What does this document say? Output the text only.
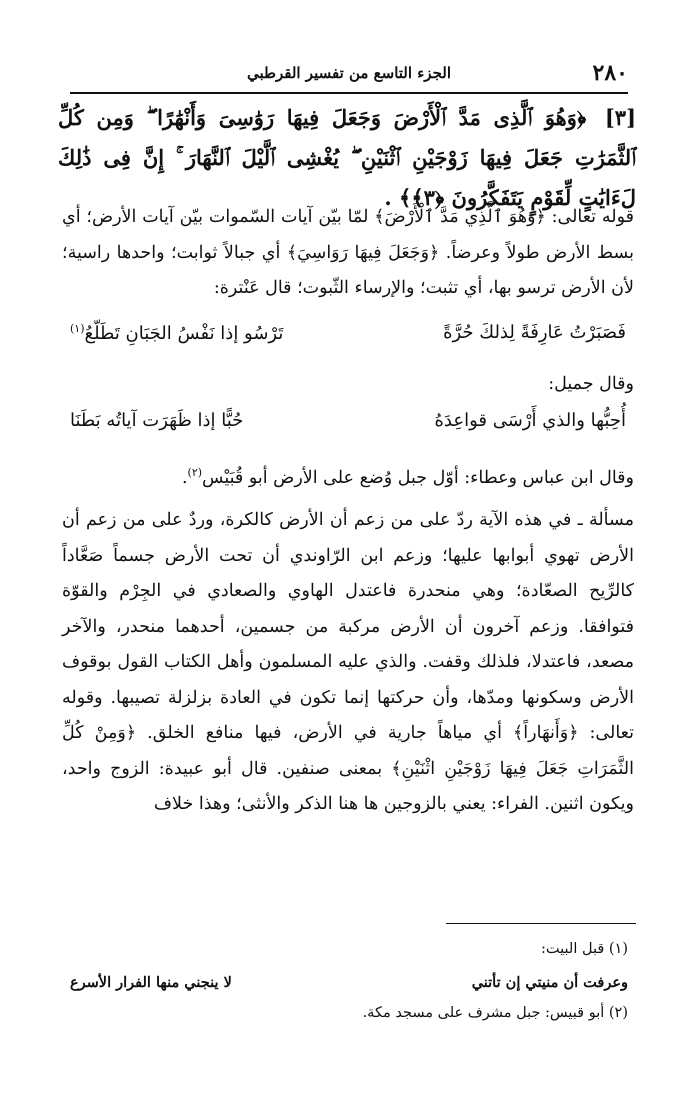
٢٨٠
الجزء التاسع من تفسير القرطبي
[٣] ﴿وَهُوَ ٱلَّذِى مَدَّ ٱلْأَرْضَ وَجَعَلَ فِيهَا رَوَٰسِىَ وَأَنْهَٰرًا ۖ وَمِن كُلِّ ٱلثَّمَرَٰتِ جَعَلَ فِيهَا زَوْجَيْنِ ٱثْنَيْنِ ۖ يُغْشِى ٱلَّيْلَ ٱلنَّهَارَ ۚ إِنَّ فِى ذَٰلِكَ لَءَايَٰتٍ لِّقَوْمٍ يَتَفَكَّرُونَ ﴿٣﴾﴾ .
قوله تعالى: ﴿وَهُوَ ٱلَّذِي مَدَّ ٱلْأَرْضَ﴾ لمّا بيّن آيات السّموات بيّن آيات الأرض؛ أي بسط الأرض طولاً وعرضاً. ﴿وَجَعَلَ فِيهَا رَوَاسِيَ﴾ أي جبالاً ثوابت؛ واحدها راسية؛ لأن الأرض ترسو بها، أي تثبت؛ والإرساء الثّبوت؛ قال عَنْترة:
فَصَبَرْتُ عَارِفَةً لِذلكَ حُرَّةً
تَرْسُو إذا نَفْسُ الجَبَانِ تَطَلّعُ$^{(١)}$
وقال جميل:
أُحِبُّها والذي أَرْسَى قواعِدَهُ
حُبًّا إذا ظَهَرَت آياتُه بَطَنَا
وقال ابن عباس وعطاء: أوّل جبل وُضع على الأرض أبو قُبَيْس$^{(٢)}$.
مسألة ـ في هذه الآية ردّ على من زعم أن الأرض كالكرة، وردٌ على من زعم أن الأرض تهوي أبوابها عليها؛ وزعم ابن الرّاوندي أن تحت الأرض جسماً صَعَّاداً كالرِّيح الصعّادة؛ وهي منحدرة فاعتدل الهاوي والصعادي في الجِرْم والقوّة فتوافقا. وزعم آخرون أن الأرض مركبة من جسمين، أحدهما منحدر، والآخر مصعد، فاعتدلا، فلذلك وقفت. والذي عليه المسلمون وأهل الكتاب القول بوقوف الأرض وسكونها ومدّها، وأن حركتها إنما تكون في العادة بزلزلة تصيبها. وقوله تعالى: ﴿وَأَنهَاراً﴾ أي مياهاً جارية في الأرض، فيها منافع الخلق. ﴿وَمِنْ كُلِّ الثَّمَرَاتِ جَعَلَ فِيهَا زَوْجَيْنِ اثْنَيْنِ﴾ بمعنى صنفين. قال أبو عبيدة: الزوج واحد، ويكون اثنين. الفراء: يعني بالزوجين ها هنا الذكر والأنثى؛ وهذا خلاف
(١) قبل البيت:
وعرفت أن منيتي إن تأتني
لا ينجني منها الفرار الأسرع
(٢) أبو قبيس: جبل مشرف على مسجد مكة.
